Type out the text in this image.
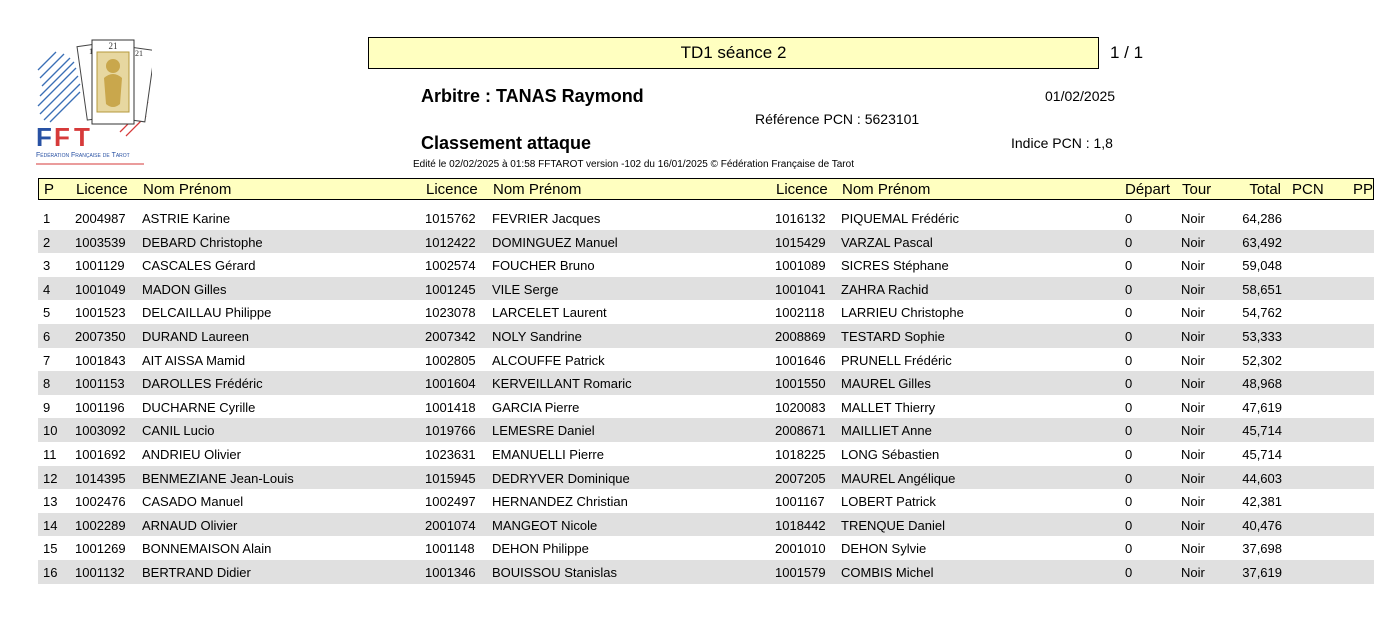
21
1	21
F F T
Fédération Française de Tarot
TD1 séance 2	1 / 1
Arbitre : TANAS Raymond	01/02/2025
Référence PCN : 5623101
Classement attaque	Indice PCN : 1,8
Edité le 02/02/2025 à 01:58 FFTAROT version -102 du 16/01/2025 © Fédération Française de Tarot
P Licence Nom Prénom	Licence Nom Prénom	Licence Nom Prénom	Départ Tour	Total PCN PP
1 2004987 ASTRIE Karine	1015762 FEVRIER Jacques	1016132 PIQUEMAL Frédéric	0	Noir	64,286
2 1003539 DEBARD Christophe	1012422 DOMINGUEZ Manuel	1015429 VARZAL Pascal	0	Noir	63,492
3 1001129 CASCALES Gérard	1002574 FOUCHER Bruno	1001089 SICRES Stéphane	0	Noir	59,048
4 1001049 MADON Gilles	1001245 VILE Serge	1001041 ZAHRA Rachid	0	Noir	58,651
5 1001523 DELCAILLAU Philippe	1023078 LARCELET Laurent	1002118 LARRIEU Christophe	0	Noir	54,762
6 2007350 DURAND Laureen	2007342 NOLY Sandrine	2008869 TESTARD Sophie	0	Noir	53,333
7 1001843 AIT AISSA Mamid	1002805 ALCOUFFE Patrick	1001646 PRUNELL Frédéric	0	Noir	52,302
8 1001153 DAROLLES Frédéric	1001604 KERVEILLANT Romaric	1001550 MAUREL Gilles	0	Noir	48,968
9 1001196 DUCHARNE Cyrille	1001418 GARCIA Pierre	1020083 MALLET Thierry	0	Noir	47,619
10 1003092 CANIL Lucio	1019766 LEMESRE Daniel	2008671 MAILLIET Anne	0	Noir	45,714
11 1001692 ANDRIEU Olivier	1023631 EMANUELLI Pierre	1018225 LONG Sébastien	0	Noir	45,714
12 1014395 BENMEZIANE Jean-Louis	1015945 DEDRYVER Dominique	2007205 MAUREL Angélique	0	Noir	44,603
13 1002476 CASADO Manuel	1002497 HERNANDEZ Christian	1001167 LOBERT Patrick	0	Noir	42,381
14 1002289 ARNAUD Olivier	2001074 MANGEOT Nicole	1018442 TRENQUE Daniel	0	Noir	40,476
15 1001269 BONNEMAISON Alain	1001148 DEHON Philippe	2001010 DEHON Sylvie	0	Noir	37,698
16 1001132 BERTRAND Didier	1001346 BOUISSOU Stanislas	1001579 COMBIS Michel	0	Noir	37,619
